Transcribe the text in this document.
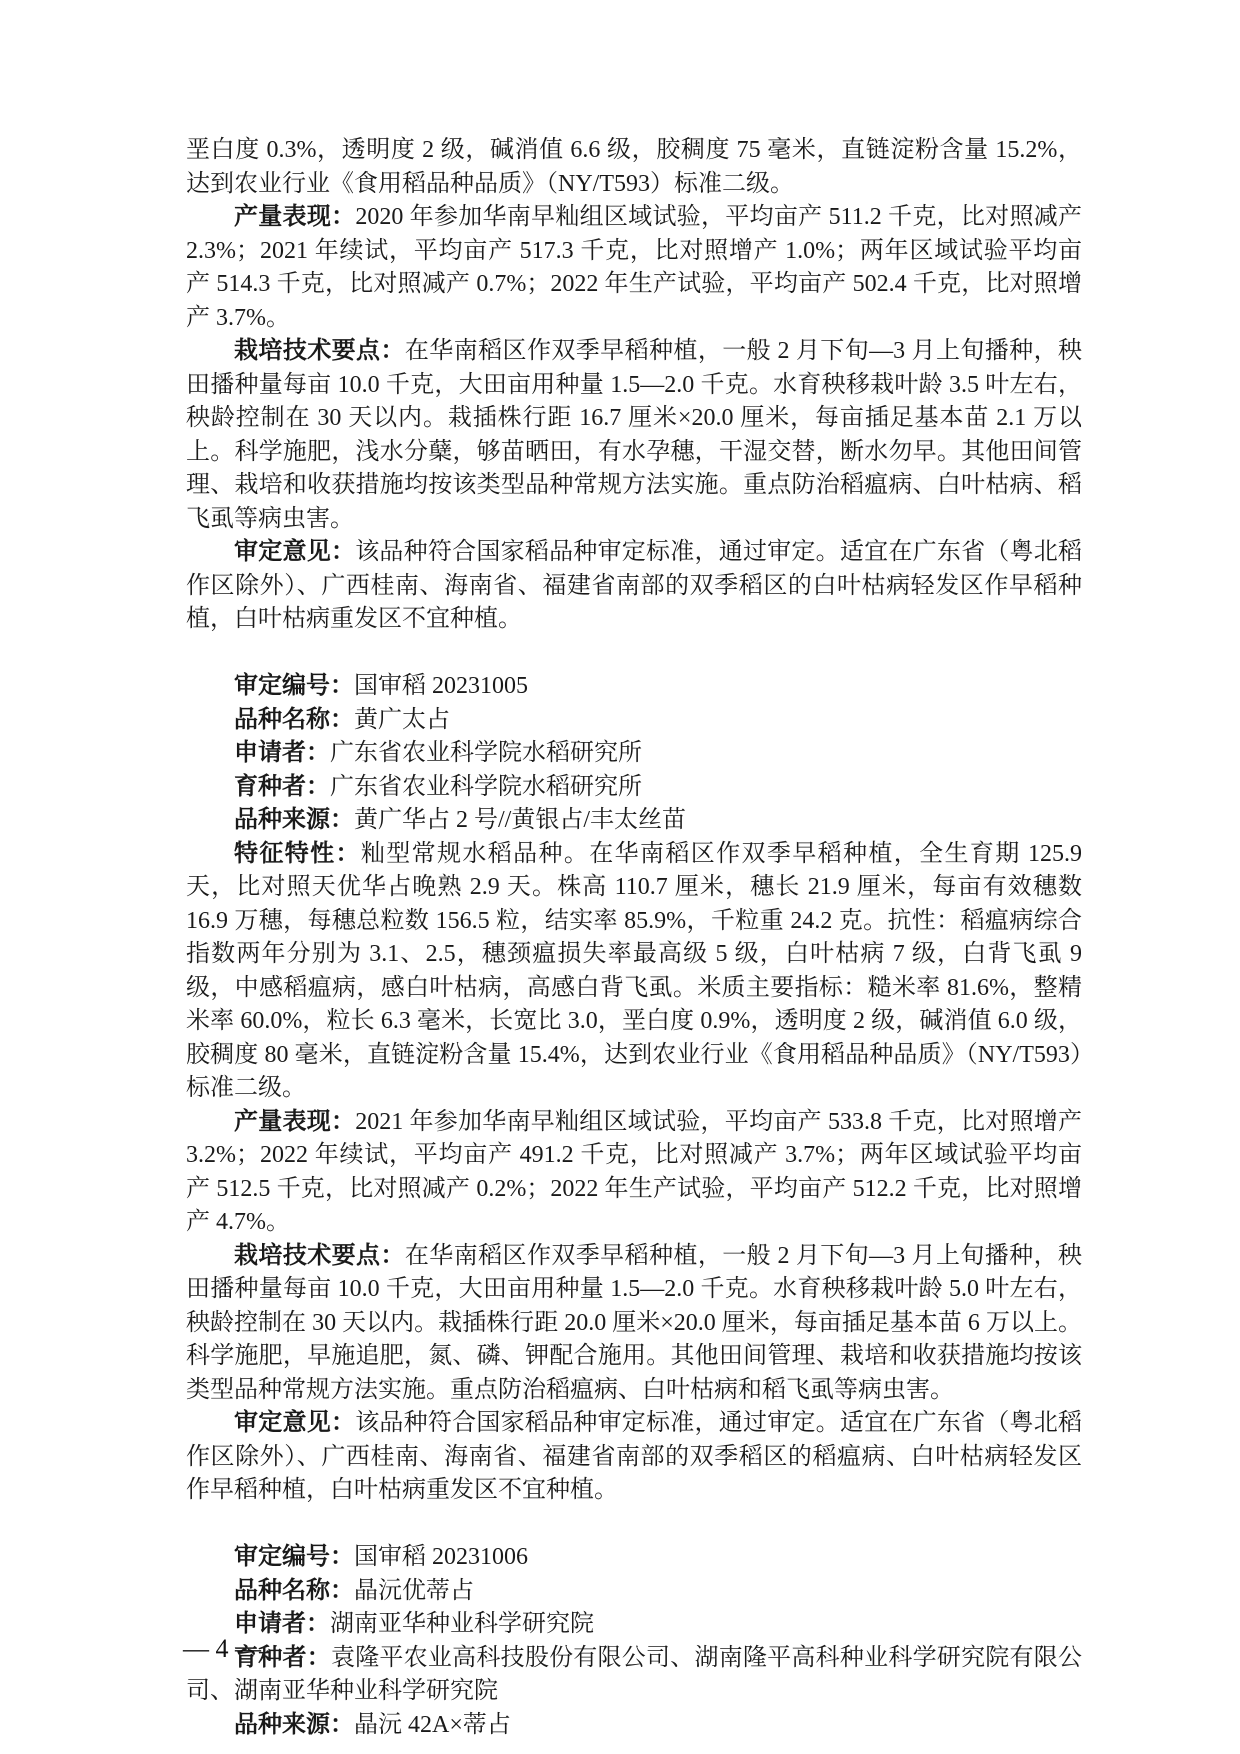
垩白度 0.3%，透明度 2 级，碱消值 6.6 级，胶稠度 75 毫米，直链淀粉含量 15.2%，达到农业行业《食用稻品种品质》（NY/T593）标准二级。

产量表现：2020 年参加华南早籼组区域试验，平均亩产 511.2 千克，比对照减产 2.3%；2021 年续试，平均亩产 517.3 千克，比对照增产 1.0%；两年区域试验平均亩产 514.3 千克，比对照减产 0.7%；2022 年生产试验，平均亩产 502.4 千克，比对照增产 3.7%。

栽培技术要点：在华南稻区作双季早稻种植，一般 2 月下旬—3 月上旬播种，秧田播种量每亩 10.0 千克，大田亩用种量 1.5—2.0 千克。水育秧移栽叶龄 3.5 叶左右，秧龄控制在 30 天以内。栽插株行距 16.7 厘米×20.0 厘米，每亩插足基本苗 2.1 万以上。科学施肥，浅水分蘖，够苗晒田，有水孕穗，干湿交替，断水勿早。其他田间管理、栽培和收获措施均按该类型品种常规方法实施。重点防治稻瘟病、白叶枯病、稻飞虱等病虫害。

审定意见：该品种符合国家稻品种审定标准，通过审定。适宜在广东省（粤北稻作区除外）、广西桂南、海南省、福建省南部的双季稻区的白叶枯病轻发区作早稻种植，白叶枯病重发区不宜种植。

审定编号：国审稻 20231005

品种名称：黄广太占

申请者：广东省农业科学院水稻研究所

育种者：广东省农业科学院水稻研究所

品种来源：黄广华占 2 号//黄银占/丰太丝苗

特征特性：籼型常规水稻品种。在华南稻区作双季早稻种植，全生育期 125.9 天，比对照天优华占晚熟 2.9 天。株高 110.7 厘米，穗长 21.9 厘米，每亩有效穗数 16.9 万穗，每穗总粒数 156.5 粒，结实率 85.9%，千粒重 24.2 克。抗性：稻瘟病综合指数两年分别为 3.1、2.5，穗颈瘟损失率最高级 5 级，白叶枯病 7 级，白背飞虱 9 级，中感稻瘟病，感白叶枯病，高感白背飞虱。米质主要指标：糙米率 81.6%，整精米率 60.0%，粒长 6.3 毫米，长宽比 3.0，垩白度 0.9%，透明度 2 级，碱消值 6.0 级，胶稠度 80 毫米，直链淀粉含量 15.4%，达到农业行业《食用稻品种品质》（NY/T593）标准二级。

产量表现：2021 年参加华南早籼组区域试验，平均亩产 533.8 千克，比对照增产 3.2%；2022 年续试，平均亩产 491.2 千克，比对照减产 3.7%；两年区域试验平均亩产 512.5 千克，比对照减产 0.2%；2022 年生产试验，平均亩产 512.2 千克，比对照增产 4.7%。

栽培技术要点：在华南稻区作双季早稻种植，一般 2 月下旬—3 月上旬播种，秧田播种量每亩 10.0 千克，大田亩用种量 1.5—2.0 千克。水育秧移栽叶龄 5.0 叶左右，秧龄控制在 30 天以内。栽插株行距 20.0 厘米×20.0 厘米，每亩插足基本苗 6 万以上。科学施肥，早施追肥，氮、磷、钾配合施用。其他田间管理、栽培和收获措施均按该类型品种常规方法实施。重点防治稻瘟病、白叶枯病和稻飞虱等病虫害。

审定意见：该品种符合国家稻品种审定标准，通过审定。适宜在广东省（粤北稻作区除外）、广西桂南、海南省、福建省南部的双季稻区的稻瘟病、白叶枯病轻发区作早稻种植，白叶枯病重发区不宜种植。

审定编号：国审稻 20231006

品种名称：晶沅优蒂占

申请者：湖南亚华种业科学研究院

育种者：袁隆平农业高科技股份有限公司、湖南隆平高科种业科学研究院有限公司、湖南亚华种业科学研究院

品种来源：晶沅 42A×蒂占

— 4 —
